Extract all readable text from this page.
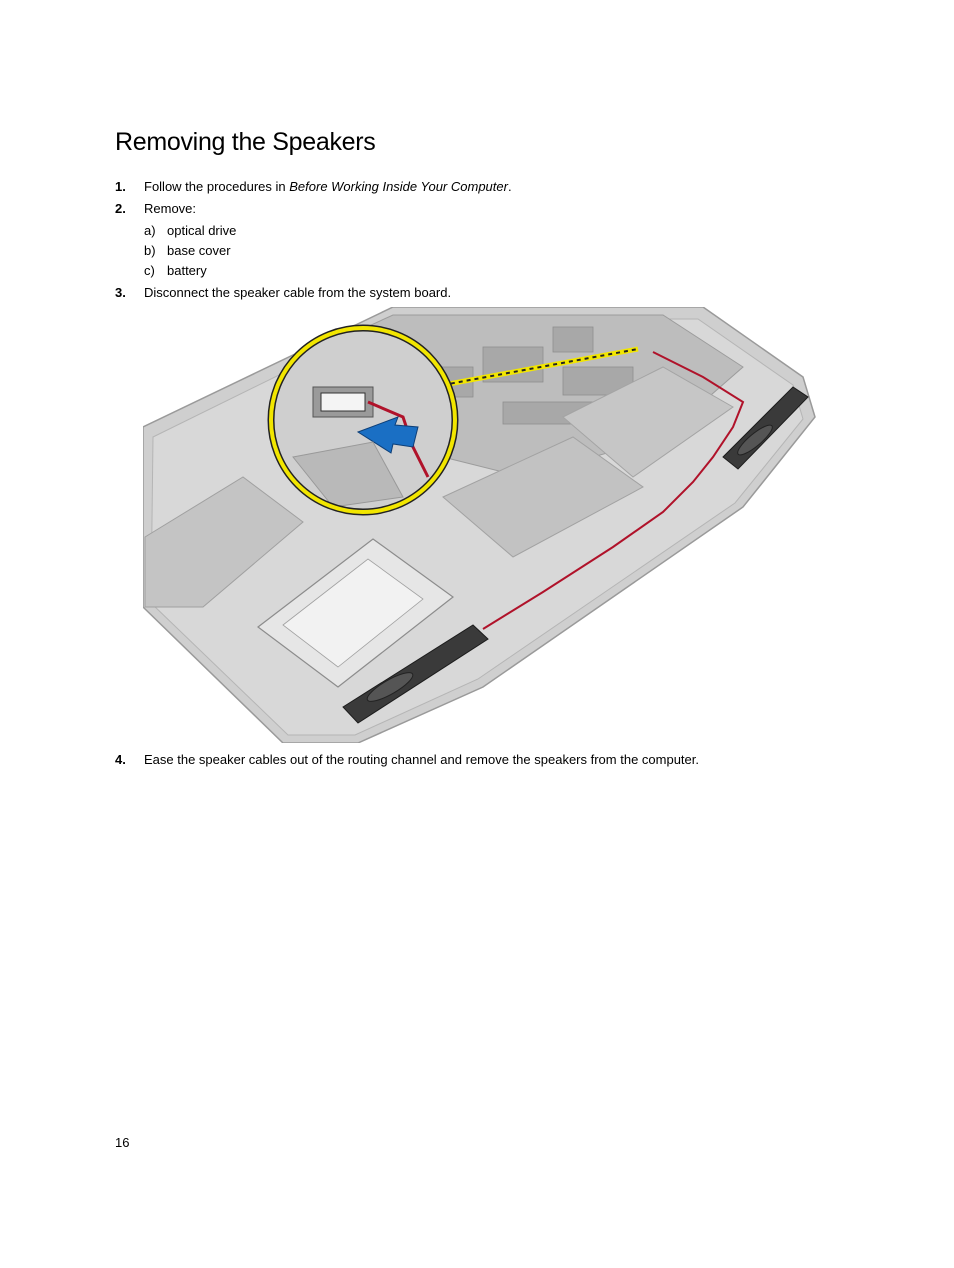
Removing the Speakers
1. Follow the procedures in Before Working Inside Your Computer.
2. Remove:
a) optical drive
b) base cover
c) battery
3. Disconnect the speaker cable from the system board.
4. Ease the speaker cables out of the routing channel and remove the speakers from the computer.
16
